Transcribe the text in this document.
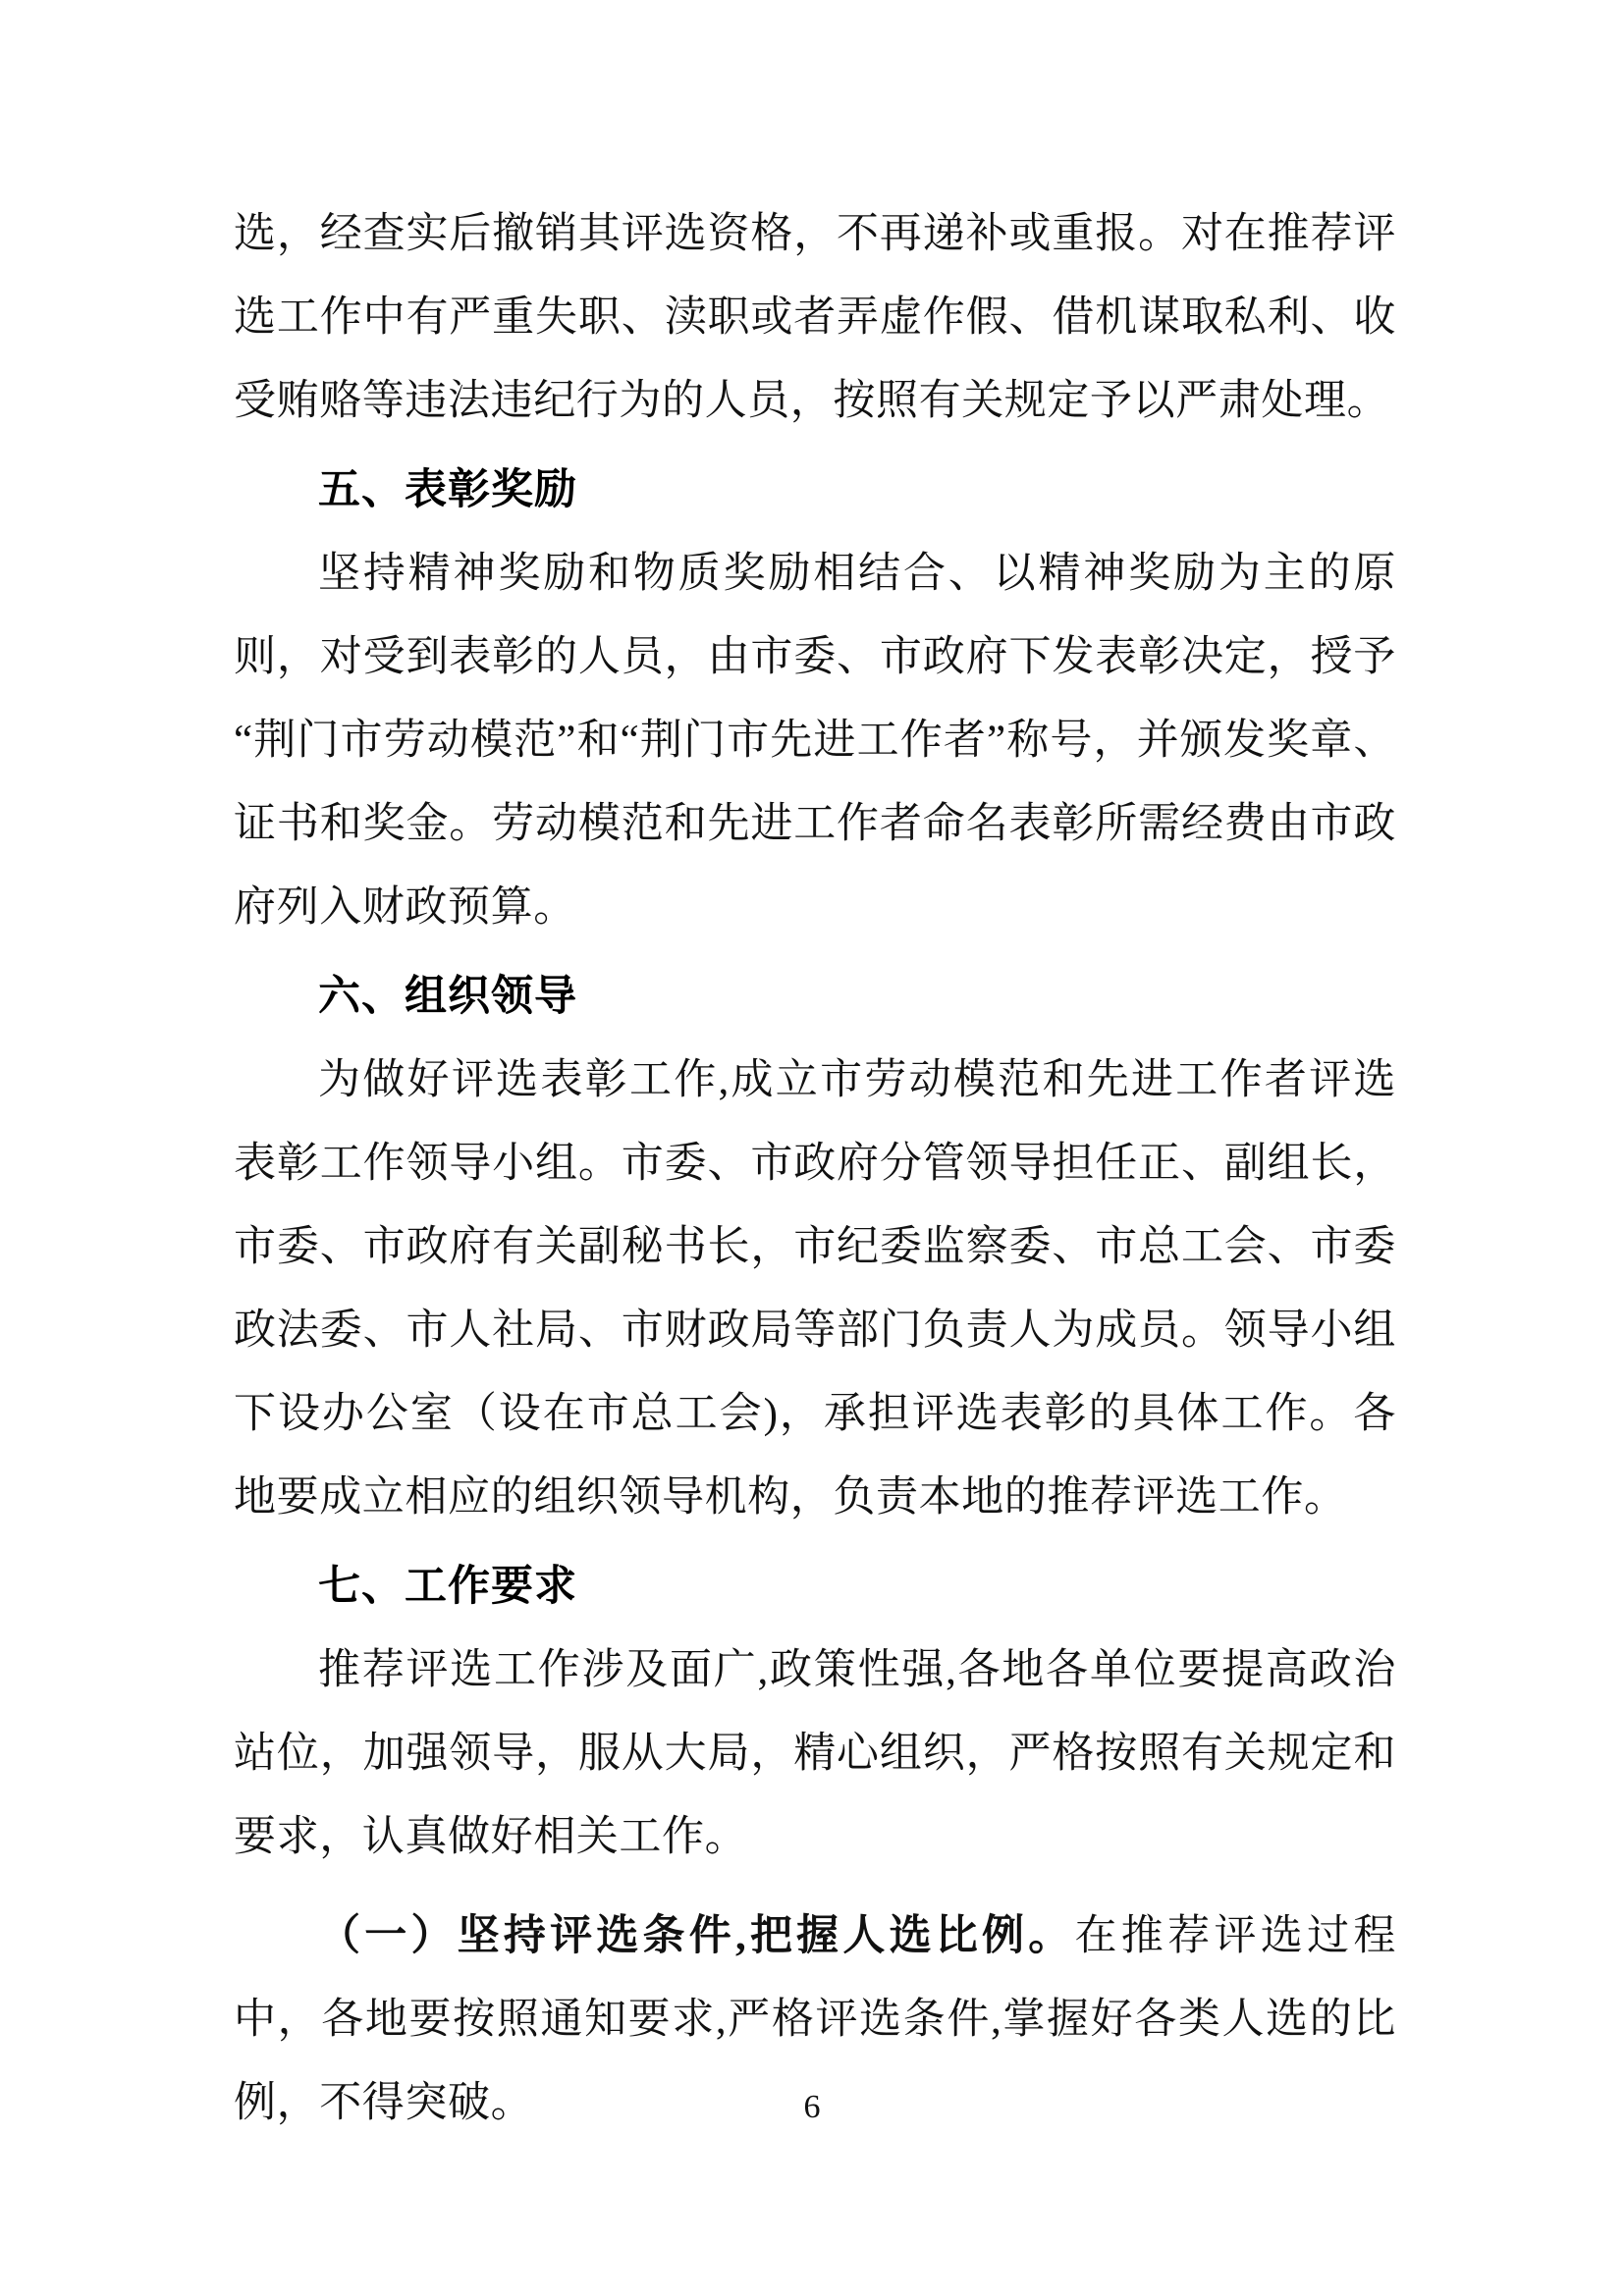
选，经查实后撤销其评选资格，不再递补或重报。对在推荐评选工作中有严重失职、渎职或者弄虚作假、借机谋取私利、收受贿赂等违法违纪行为的人员，按照有关规定予以严肃处理。

五、表彰奖励

坚持精神奖励和物质奖励相结合、以精神奖励为主的原则，对受到表彰的人员，由市委、市政府下发表彰决定，授予“荆门市劳动模范”和“荆门市先进工作者”称号，并颁发奖章、证书和奖金。劳动模范和先进工作者命名表彰所需经费由市政府列入财政预算。

六、组织领导

为做好评选表彰工作,成立市劳动模范和先进工作者评选表彰工作领导小组。市委、市政府分管领导担任正、副组长，市委、市政府有关副秘书长，市纪委监察委、市总工会、市委政法委、市人社局、市财政局等部门负责人为成员。领导小组下设办公室（设在市总工会)，承担评选表彰的具体工作。各地要成立相应的组织领导机构，负责本地的推荐评选工作。

七、工作要求

推荐评选工作涉及面广,政策性强,各地各单位要提高政治站位，加强领导，服从大局，精心组织，严格按照有关规定和要求，认真做好相关工作。

（一）坚持评选条件,把握人选比例。在推荐评选过程中，各地要按照通知要求,严格评选条件,掌握好各类人选的比例，不得突破。	6
